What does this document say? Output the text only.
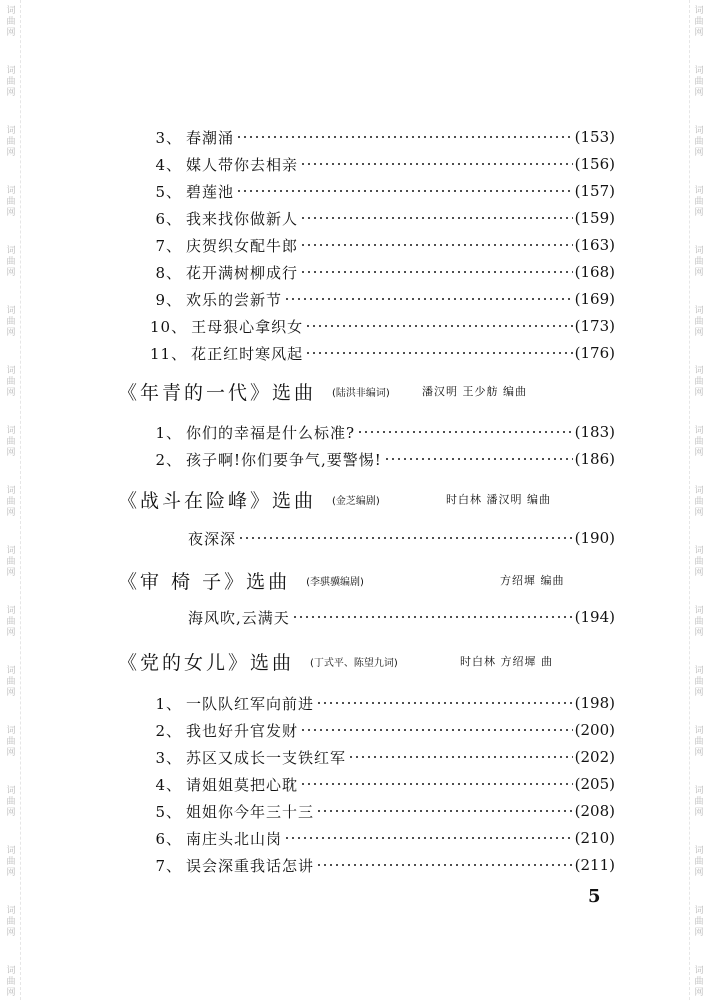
词
曲
网
词
曲
网
词
曲
网
词
曲
网
词
曲
网
词
曲
网
词
曲
网
词
曲
网
词
曲
网
词
曲
网
词
曲
网
词
曲
网
词
曲
网
词
曲
网
词
曲
网
词
曲
网
词
曲
网
词
曲
网
词
曲
网
词
曲
网
词
曲
网
词
曲
网
词
曲
网
词
曲
网
词
曲
网
词
曲
网
词
曲
网
词
曲
网
词
曲
网
词
曲
网
词
曲
网
词
曲
网
词
曲
网
词
曲
网
3、 春潮涌	(153)
4、 媒人带你去相亲	(156)
5、 碧莲池	(157)
6、 我来找你做新人	(159)
7、 庆贺织女配牛郎	(163)
8、 花开满树柳成行	(168)
9、 欢乐的尝新节	(169)
10、 王母狠心拿织女	(173)
11、 花正红时寒风起	(176)
《年青的一代》选曲 (陆洪非编词)	潘汉明 王少舫 编曲
1、 你们的幸福是什么标准?	(183)
2、 孩子啊!你们要争气,要警惕!	(186)
《战斗在险峰》选曲 (金芝编剧)	时白林 潘汉明 编曲
夜深深	(190)
《审 椅 子》选曲 (李骐骥编剧)	方绍墀 编曲
海风吹,云满天	(194)
《党的女儿》选曲 (丁式平、陈望九词)	时白林 方绍墀 曲
1、 一队队红军向前进	(198)
2、 我也好升官发财	(200)
3、 苏区又成长一支铁红军	(202)
4、 请姐姐莫把心耽	(205)
5、 姐姐你今年三十三	(208)
6、 南庄头北山岗	(210)
7、 误会深重我话怎讲	(211)
5
